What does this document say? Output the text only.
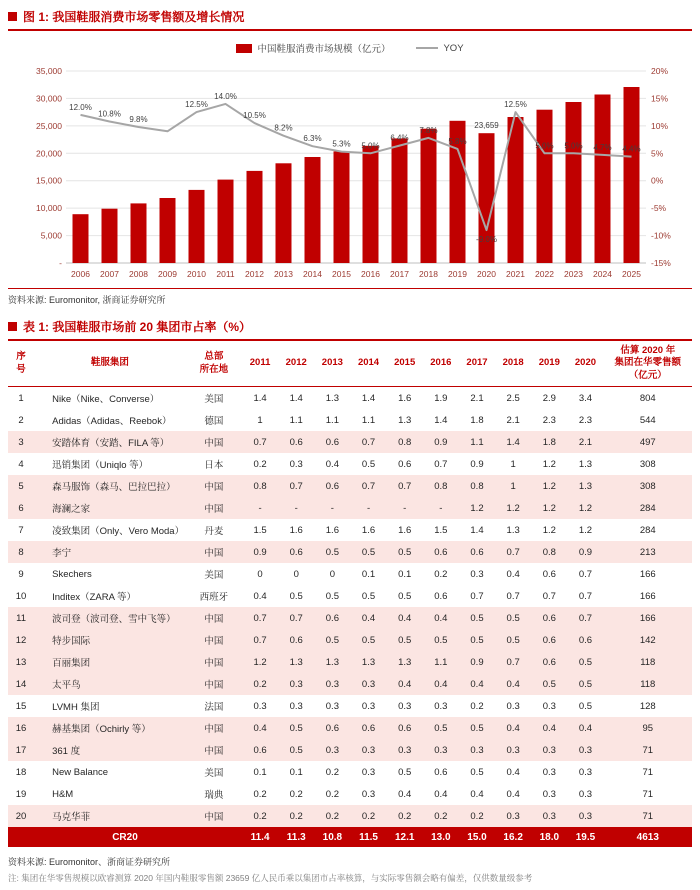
图 1: 我国鞋服消费市场零售额及增长情况
中国鞋服消费市场规模（亿元）	YOY
35,000	20%
30,000	15%
25,000	10%
20,000	5%
15,000	0%
10,000	-5%
5,000	-10%
-	-15%
2006 2007 2008 2009 2010 2011 2012 2013 2014 2015 2016 2017 2018 2019 2020 2021 2022 2023 2024 2025
12.0%
10.8%
9.8%
12.5%
14.0%
10.5%
8.2%
6.3%
5.3% 5.0%
6.4%
7.8%
5.8%
-9.0%
12.5%
5.0% 5.0% 4.7% 4.4%
23,659
资料来源: Euromonitor, 浙商证券研究所
表 1: 我国鞋服市场前 20 集团市占率（%）
序
号	鞋服集团	总部
所在地	2011	2012	2013	2014	2015	2016	2017	2018	2019	2020	估算 2020 年
集团在华零售额
（亿元）
1	Nike（Nike、Converse）	美国	1.4	1.4	1.3	1.4	1.6	1.9	2.1	2.5	2.9	3.4	804
2	Adidas（Adidas、Reebok）	德国	1	1.1	1.1	1.1	1.3	1.4	1.8	2.1	2.3	2.3	544
3	安踏体育（安踏、FILA 等）	中国	0.7	0.6	0.6	0.7	0.8	0.9	1.1	1.4	1.8	2.1	497
4	迅销集团（Uniqlo 等）	日本	0.2	0.3	0.4	0.5	0.6	0.7	0.9	1	1.2	1.3	308
5	森马服饰（森马、巴拉巴拉）	中国	0.8	0.7	0.6	0.7	0.7	0.8	0.8	1	1.2	1.3	308
6	海澜之家	中国	-	-	-	-	-	-	1.2	1.2	1.2	1.2	284
7	凌致集团（Only、Vero Moda）	丹麦	1.5	1.6	1.6	1.6	1.6	1.5	1.4	1.3	1.2	1.2	284
8	李宁	中国	0.9	0.6	0.5	0.5	0.5	0.6	0.6	0.7	0.8	0.9	213
9	Skechers	美国	0	0	0	0.1	0.1	0.2	0.3	0.4	0.6	0.7	166
10	Inditex（ZARA 等）	西班牙	0.4	0.5	0.5	0.5	0.5	0.6	0.7	0.7	0.7	0.7	166
11	波司登（波司登、雪中飞等）	中国	0.7	0.7	0.6	0.4	0.4	0.4	0.5	0.5	0.6	0.7	166
12	特步国际	中国	0.7	0.6	0.5	0.5	0.5	0.5	0.5	0.5	0.6	0.6	142
13	百丽集团	中国	1.2	1.3	1.3	1.3	1.3	1.1	0.9	0.7	0.6	0.5	118
14	太平鸟	中国	0.2	0.3	0.3	0.3	0.4	0.4	0.4	0.4	0.5	0.5	118
15	LVMH 集团	法国	0.3	0.3	0.3	0.3	0.3	0.3	0.2	0.3	0.3	0.5	128
16	赫基集团（Ochirly 等）	中国	0.4	0.5	0.6	0.6	0.6	0.5	0.5	0.4	0.4	0.4	95
17	361 度	中国	0.6	0.5	0.3	0.3	0.3	0.3	0.3	0.3	0.3	0.3	71
18	New Balance	美国	0.1	0.1	0.2	0.3	0.5	0.6	0.5	0.4	0.3	0.3	71
19	H&M	瑞典	0.2	0.2	0.2	0.3	0.4	0.4	0.4	0.4	0.3	0.3	71
20	马克华菲	中国	0.2	0.2	0.2	0.2	0.2	0.2	0.2	0.3	0.3	0.3	71
CR20			11.4	11.3	10.8	11.5	12.1	13.0	15.0	16.2	18.0	19.5	4613
资料来源: Euromonitor、浙商证券研究所
注: 集团在华零售规模以欧睿测算 2020 年国内鞋服零售额 23659 亿人民币乘以集团市占率核算，与实际零售额会略有偏差，仅供数量级参考
